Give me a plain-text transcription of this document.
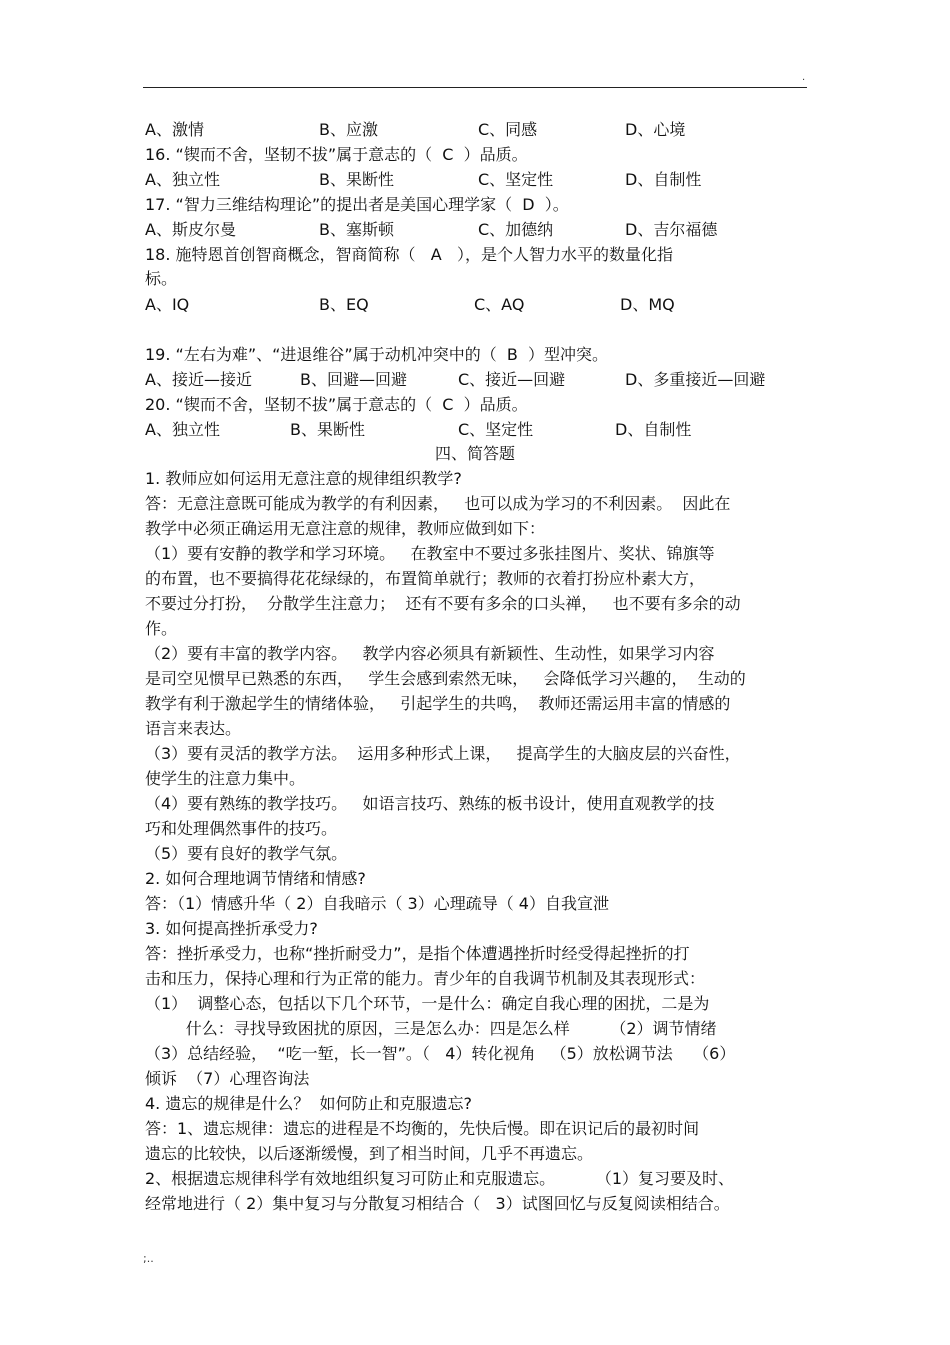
.
A、激情	B、应激	C、同感	D、心境
16. “锲而不舍，坚韧不拔”属于意志的（  C  ）品质。
A、独立性	B、果断性	C、坚定性	D、自制性
17. “智力三维结构理论”的提出者是美国心理学家（  D  ）。
A、斯皮尔曼	B、塞斯顿	C、加德纳	D、吉尔福德
18. 施特恩首创智商概念，智商简称（   A   ），是个人智力水平的数量化指
标。
A、IQ	B、EQ	C、AQ	D、MQ
19. “左右为难”、“进退维谷”属于动机冲突中的（  B  ）型冲突。
A、接近—接近	B、回避—回避	C、接近—回避	D、多重接近—回避
20. “锲而不舍，坚韧不拔”属于意志的（  C  ）品质。
A、独立性	B、果断性	C、坚定性	D、自制性
四、简答题
1. 教师应如何运用无意注意的规律组织教学?
答：无意注意既可能成为教学的有利因素，   也可以成为学习的不利因素。  因此在
教学中必须正确运用无意注意的规律，教师应做到如下：
（1）要有安静的教学和学习环境。   在教室中不要过多张挂图片、奖状、锦旗等
的布置，也不要搞得花花绿绿的，布置简单就行；教师的衣着打扮应朴素大方，
不要过分打扮，  分散学生注意力；  还有不要有多余的口头禅，   也不要有多余的动
作。
（2）要有丰富的教学内容。   教学内容必须具有新颖性、生动性，如果学习内容
是司空见惯早已熟悉的东西，   学生会感到索然无味，   会降低学习兴趣的，  生动的
教学有利于激起学生的情绪体验，   引起学生的共鸣，  教师还需运用丰富的情感的
语言来表达。
（3）要有灵活的教学方法。  运用多种形式上课，   提高学生的大脑皮层的兴奋性，
使学生的注意力集中。
（4）要有熟练的教学技巧。   如语言技巧、熟练的板书设计，使用直观教学的技
巧和处理偶然事件的技巧。
（5）要有良好的教学气氛。
2. 如何合理地调节情绪和情感?
答：（1）情感升华（ 2）自我暗示（ 3）心理疏导（ 4）自我宣泄
3. 如何提高挫折承受力?
答：挫折承受力，也称“挫折耐受力”，是指个体遭遇挫折时经受得起挫折的打
击和压力，保持心理和行为正常的能力。青少年的自我调节机制及其表现形式：
（1）  调整心态，包括以下几个环节，一是什么：确定自我心理的困扰，二是为
什么：寻找导致困扰的原因，三是怎么办：四是怎么样        （2）调节情绪
（3）总结经验，  “吃一堑，长一智”。（   4）转化视角   （5）放松调节法    （6）
倾诉  （7）心理咨询法
4. 遗忘的规律是什么？  如何防止和克服遗忘?
答：1、遗忘规律：遗忘的进程是不均衡的，先快后慢。即在识记后的最初时间
遗忘的比较快，以后逐渐缓慢，到了相当时间，几乎不再遗忘。
2、根据遗忘规律科学有效地组织复习可防止和克服遗忘。        （1）复习要及时、
经常地进行（ 2）集中复习与分散复习相结合（   3）试图回忆与反复阅读相结合。
;..
